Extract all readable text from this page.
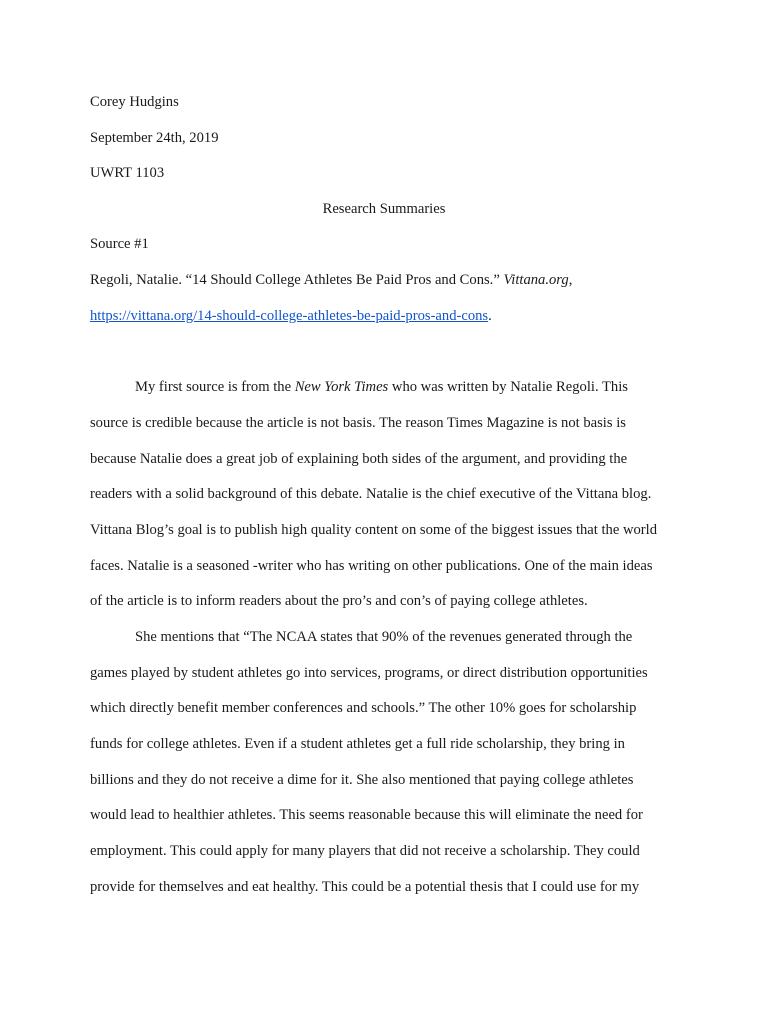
Corey Hudgins
September 24th, 2019
UWRT 1103
Research Summaries
Source #1
Regoli, Natalie. “14 Should College Athletes Be Paid Pros and Cons.” Vittana.org,
https://vittana.org/14-should-college-athletes-be-paid-pros-and-cons.
My first source is from the New York Times who was written by Natalie Regoli. This
source is credible because the article is not basis. The reason Times Magazine is not basis is
because Natalie does a great job of explaining both sides of the argument, and providing the
readers with a solid background of this debate. Natalie is the chief executive of the Vittana blog.
Vittana Blog’s goal is to publish high quality content on some of the biggest issues that the world
faces. Natalie is a seasoned -writer who has writing on other publications. One of the main ideas
of the article is to inform readers about the pro’s and con’s of paying college athletes.
She mentions that “The NCAA states that 90% of the revenues generated through the
games played by student athletes go into services, programs, or direct distribution opportunities
which directly benefit member conferences and schools.” The other 10% goes for scholarship
funds for college athletes. Even if a student athletes get a full ride scholarship, they bring in
billions and they do not receive a dime for it. She also mentioned that paying college athletes
would lead to healthier athletes. This seems reasonable because this will eliminate the need for
employment. This could apply for many players that did not receive a scholarship. They could
provide for themselves and eat healthy. This could be a potential thesis that I could use for my
